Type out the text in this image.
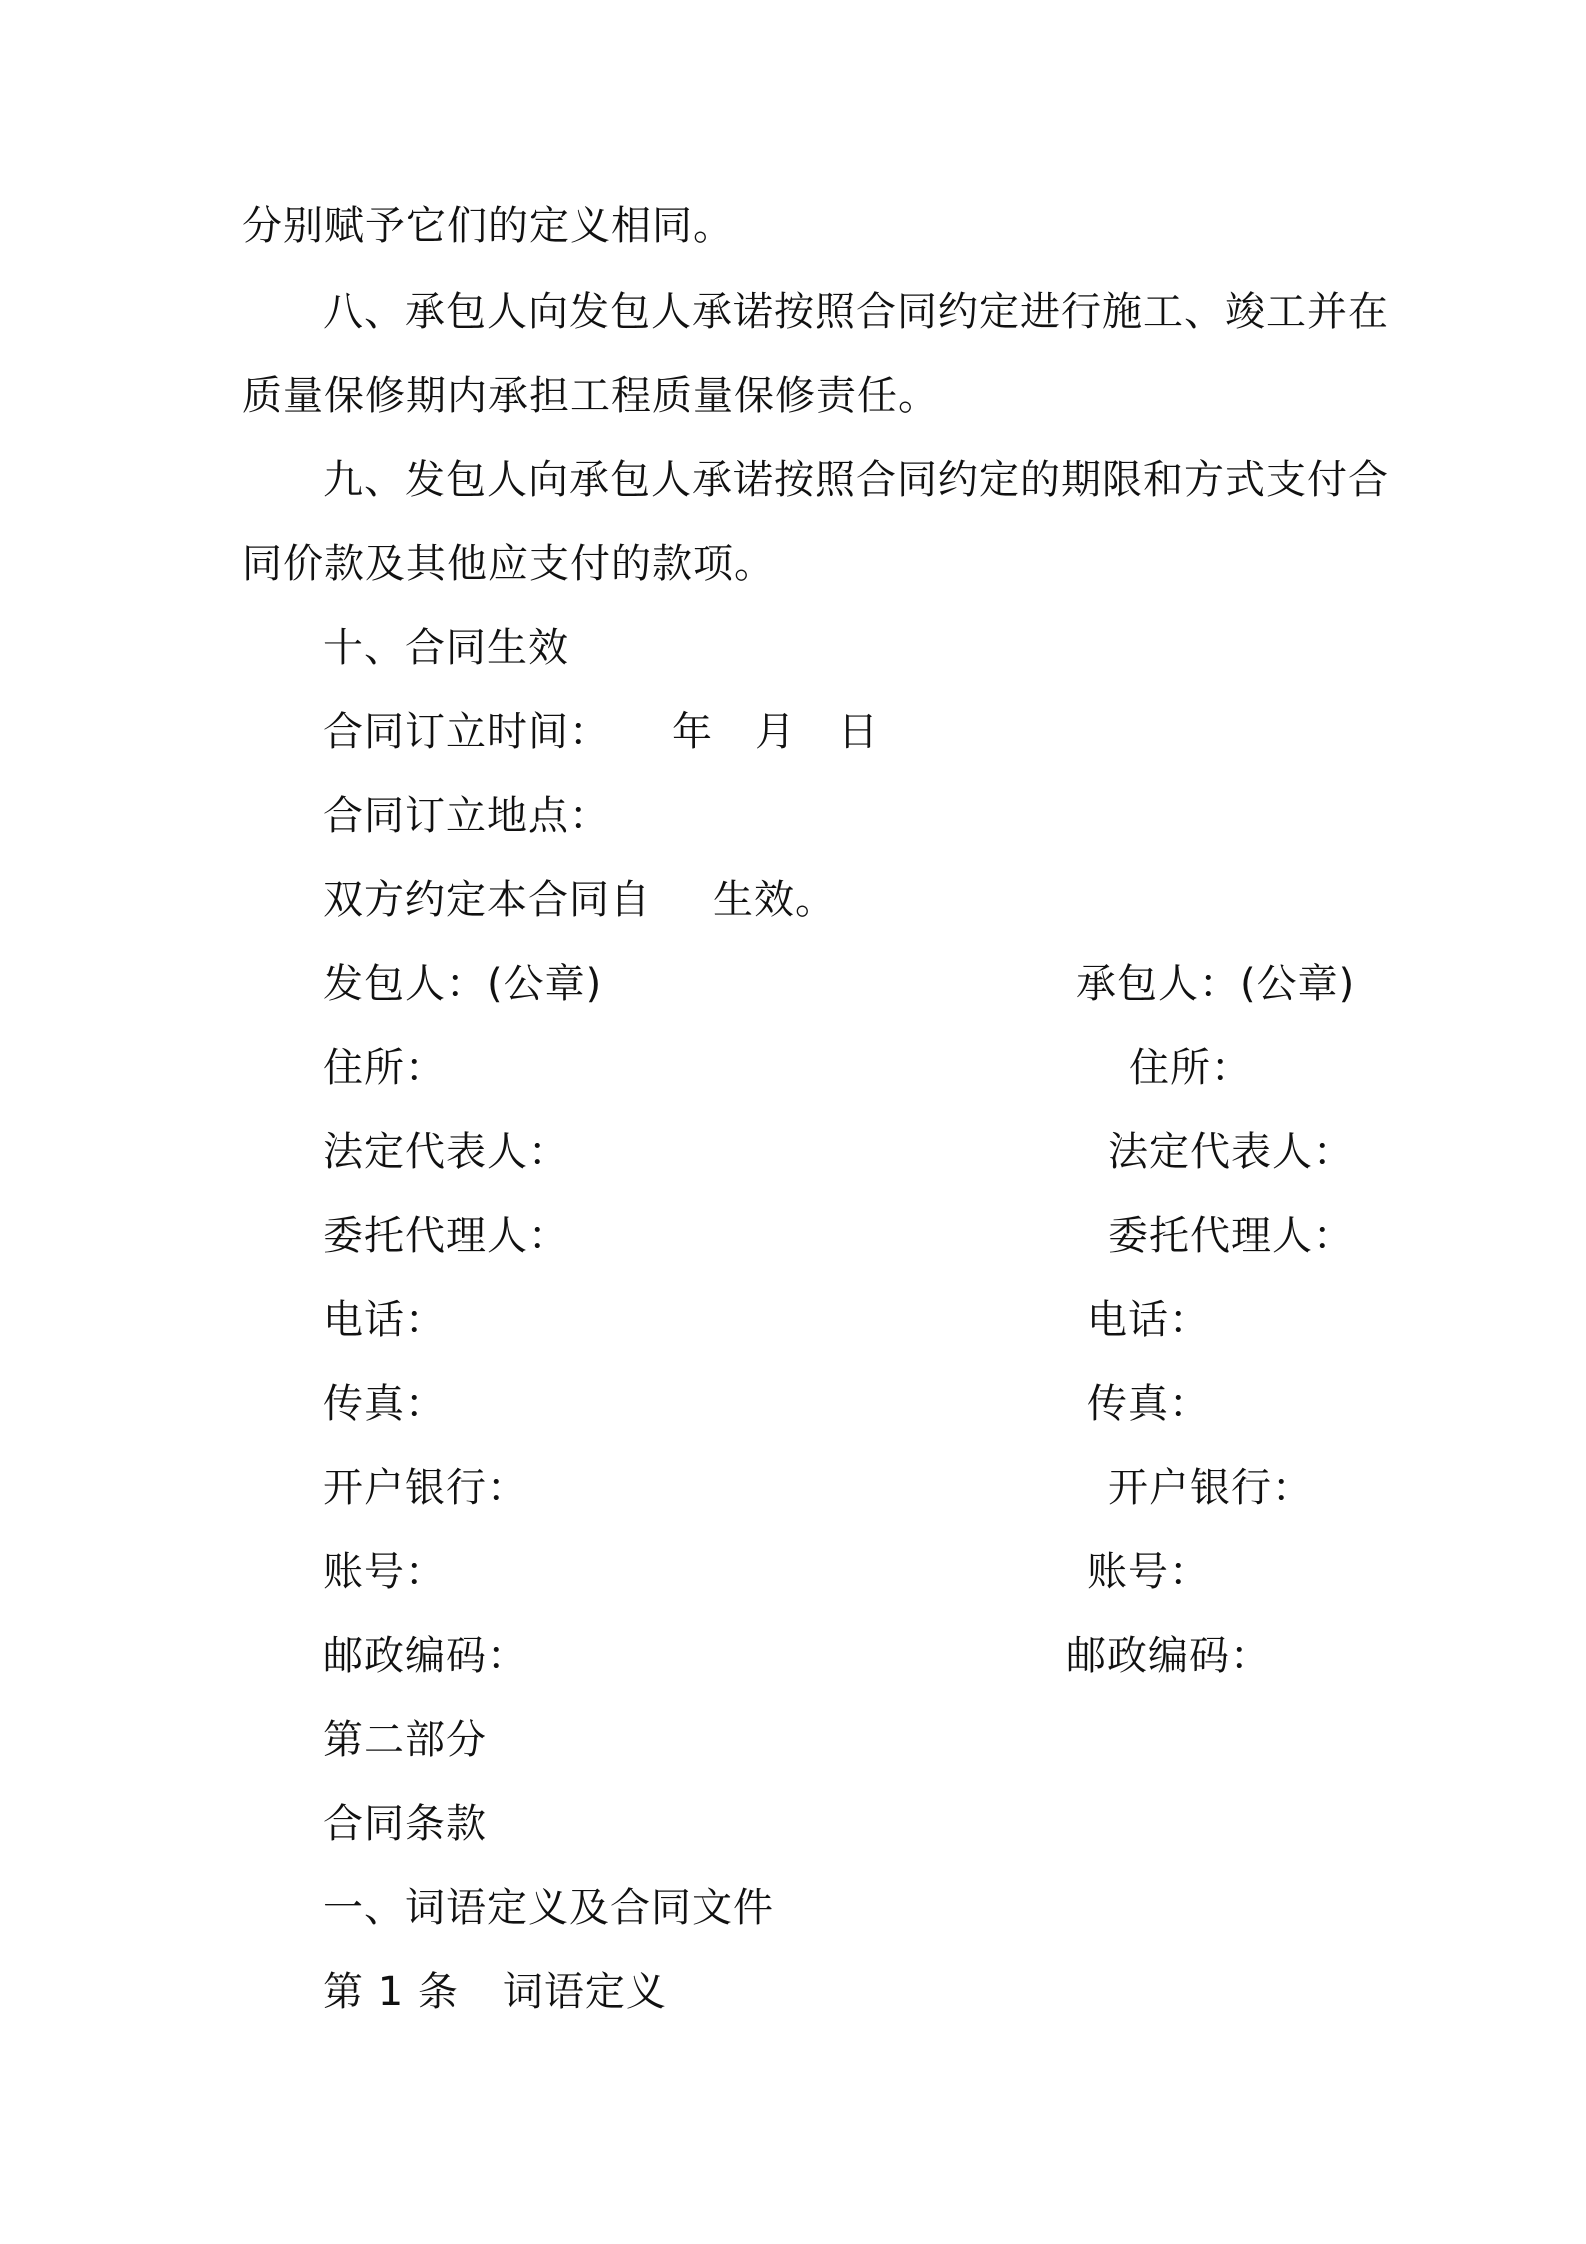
分别赋予它们的定义相同。
八、承包人向发包人承诺按照合同约定进行施工、竣工并在
质量保修期内承担工程质量保修责任。
九、发包人向承包人承诺按照合同约定的期限和方式支付合
同价款及其他应支付的款项。
十、合同生效
合同订立时间： 年 月 日
合同订立地点：
双方约定本合同自 生效。
发包人：(公章)	承包人：(公章)
住所：	住所：
法定代表人：	法定代表人：
委托代理人：	委托代理人：
电话：	电话：
传真：	传真：
开户银行：	开户银行：
账号：	账号：
邮政编码：	邮政编码：
第二部分
合同条款
一、词语定义及合同文件
第 1 条 词语定义
